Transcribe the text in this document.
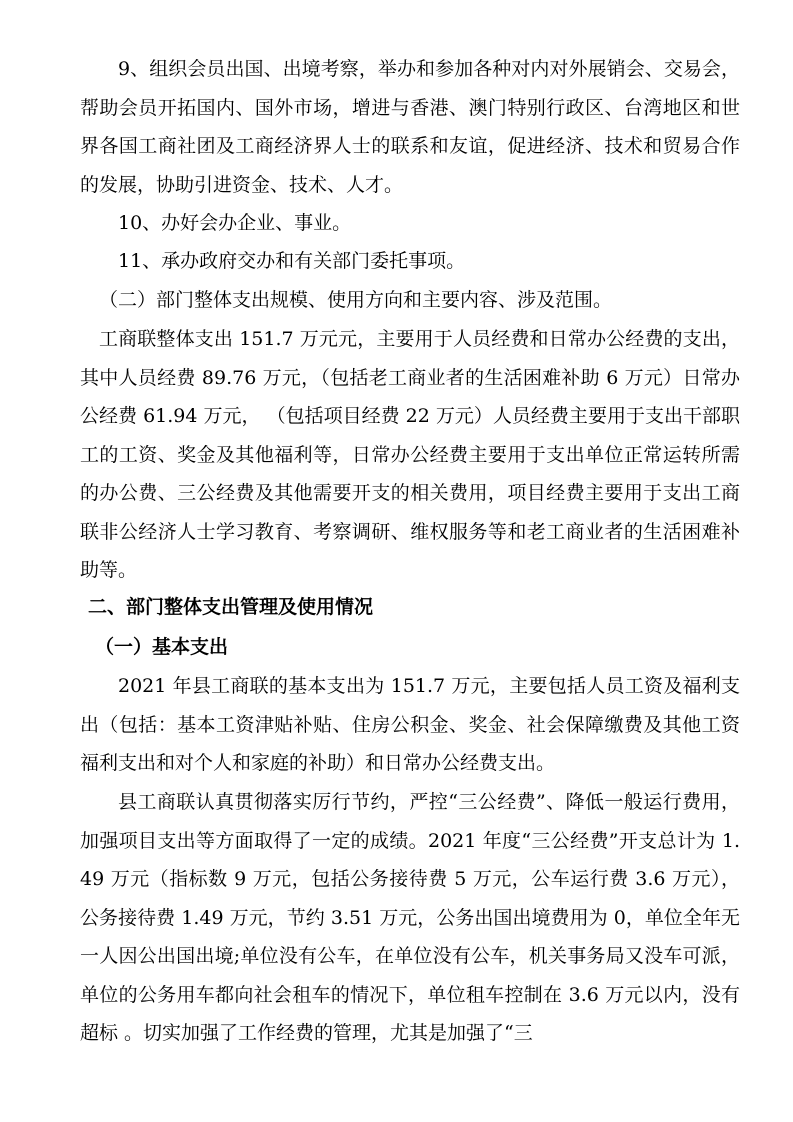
9、组织会员出国、出境考察，举办和参加各种对内对外展销会、交易会，帮助会员开拓国内、国外市场，增进与香港、澳门特别行政区、台湾地区和世界各国工商社团及工商经济界人士的联系和友谊，促进经济、技术和贸易合作的发展，协助引进资金、技术、人才。

10、办好会办企业、事业。

11、承办政府交办和有关部门委托事项。

（二）部门整体支出规模、使用方向和主要内容、涉及范围。

工商联整体支出 151.7 万元元，主要用于人员经费和日常办公经费的支出，其中人员经费 89.76 万元，（包括老工商业者的生活困难补助 6 万元）日常办公经费 61.94 万元， （包括项目经费 22 万元）人员经费主要用于支出干部职工的工资、奖金及其他福利等，日常办公经费主要用于支出单位正常运转所需的办公费、三公经费及其他需要开支的相关费用，项目经费主要用于支出工商联非公经济人士学习教育、考察调研、维权服务等和老工商业者的生活困难补助等。

二、部门整体支出管理及使用情况
（一）基本支出

2021 年县工商联的基本支出为 151.7 万元，主要包括人员工资及福利支出（包括：基本工资津贴补贴、住房公积金、奖金、社会保障缴费及其他工资福利支出和对个人和家庭的补助）和日常办公经费支出。

县工商联认真贯彻落实厉行节约，严控“三公经费”、降低一般运行费用，加强项目支出等方面取得了一定的成绩。2021 年度“三公经费”开支总计为 1.49 万元（指标数 9 万元，包括公务接待费 5 万元，公车运行费 3.6 万元），公务接待费 1.49 万元，节约 3.51 万元，公务出国出境费用为 0，单位全年无一人因公出国出境;单位没有公车，在单位没有公车，机关事务局又没车可派，单位的公务用车都向社会租车的情况下，单位租车控制在 3.6 万元以内，没有超标 。切实加强了工作经费的管理，尤其是加强了“三
